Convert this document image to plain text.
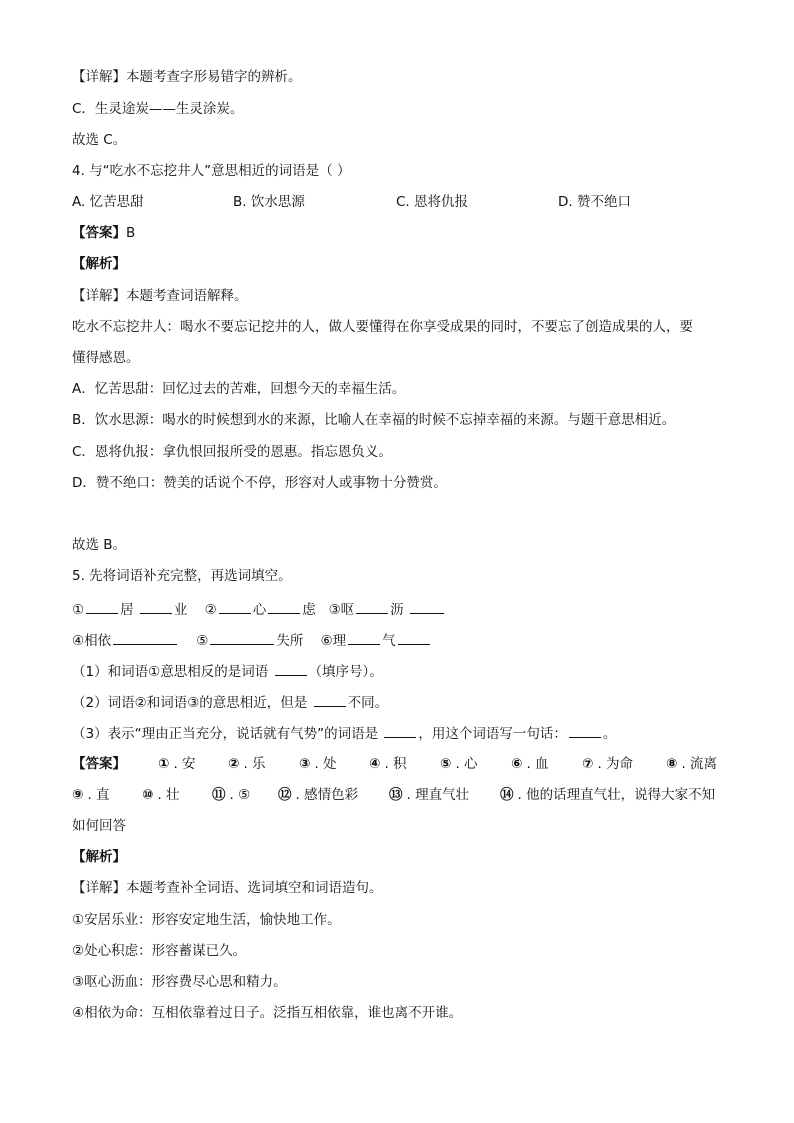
【详解】本题考查字形易错字的辨析。
C．生灵途炭——生灵涂炭。
故选 C。
4. 与“吃水不忘挖井人”意思相近的词语是（ ）
A. 忆苦思甜	B. 饮水思源	C. 恩将仇报	D. 赞不绝口
【答案】B
【解析】
【详解】本题考查词语解释。
吃水不忘挖井人：喝水不要忘记挖井的人，做人要懂得在你享受成果的同时，不要忘了创造成果的人，要
懂得感恩。
A．忆苦思甜：回忆过去的苦难，回想今天的幸福生活。
B．饮水思源：喝水的时候想到水的来源，比喻人在幸福的时候不忘掉幸福的来源。与题干意思相近。
C．恩将仇报：拿仇恨回报所受的恩惠。指忘恩负义。
D．赞不绝口：赞美的话说个不停，形容对人或事物十分赞赏。
故选 B。
5. 先将词语补充完整，再选词填空。
①	居	业 ②	心	虑 ③呕	沥
④相依	⑤	失所 ⑥理	气
（1）和词语①意思相反的是词语	（填序号）。
（2）词语②和词语③的意思相近，但是	不同。
（3）表示“理由正当充分，说话就有气势”的词语是	，用这个词语写一句话：	。
【答案】 ① . 安 ② . 乐 ③ . 处 ④ . 积 ⑤ . 心 ⑥ . 血 ⑦ . 为命 ⑧ . 流离
⑨ . 直 ⑩ . 壮 ⑪ . ⑤ ⑫ . 感情色彩 ⑬ . 理直气壮 ⑭ . 他的话理直气壮，说得大家不知
如何回答
【解析】
【详解】本题考查补全词语、选词填空和词语造句。
①安居乐业：形容安定地生活，愉快地工作。
②处心积虑：形容蓄谋已久。
③呕心沥血：形容费尽心思和精力。
④相依为命：互相依靠着过日子。泛指互相依靠，谁也离不开谁。
